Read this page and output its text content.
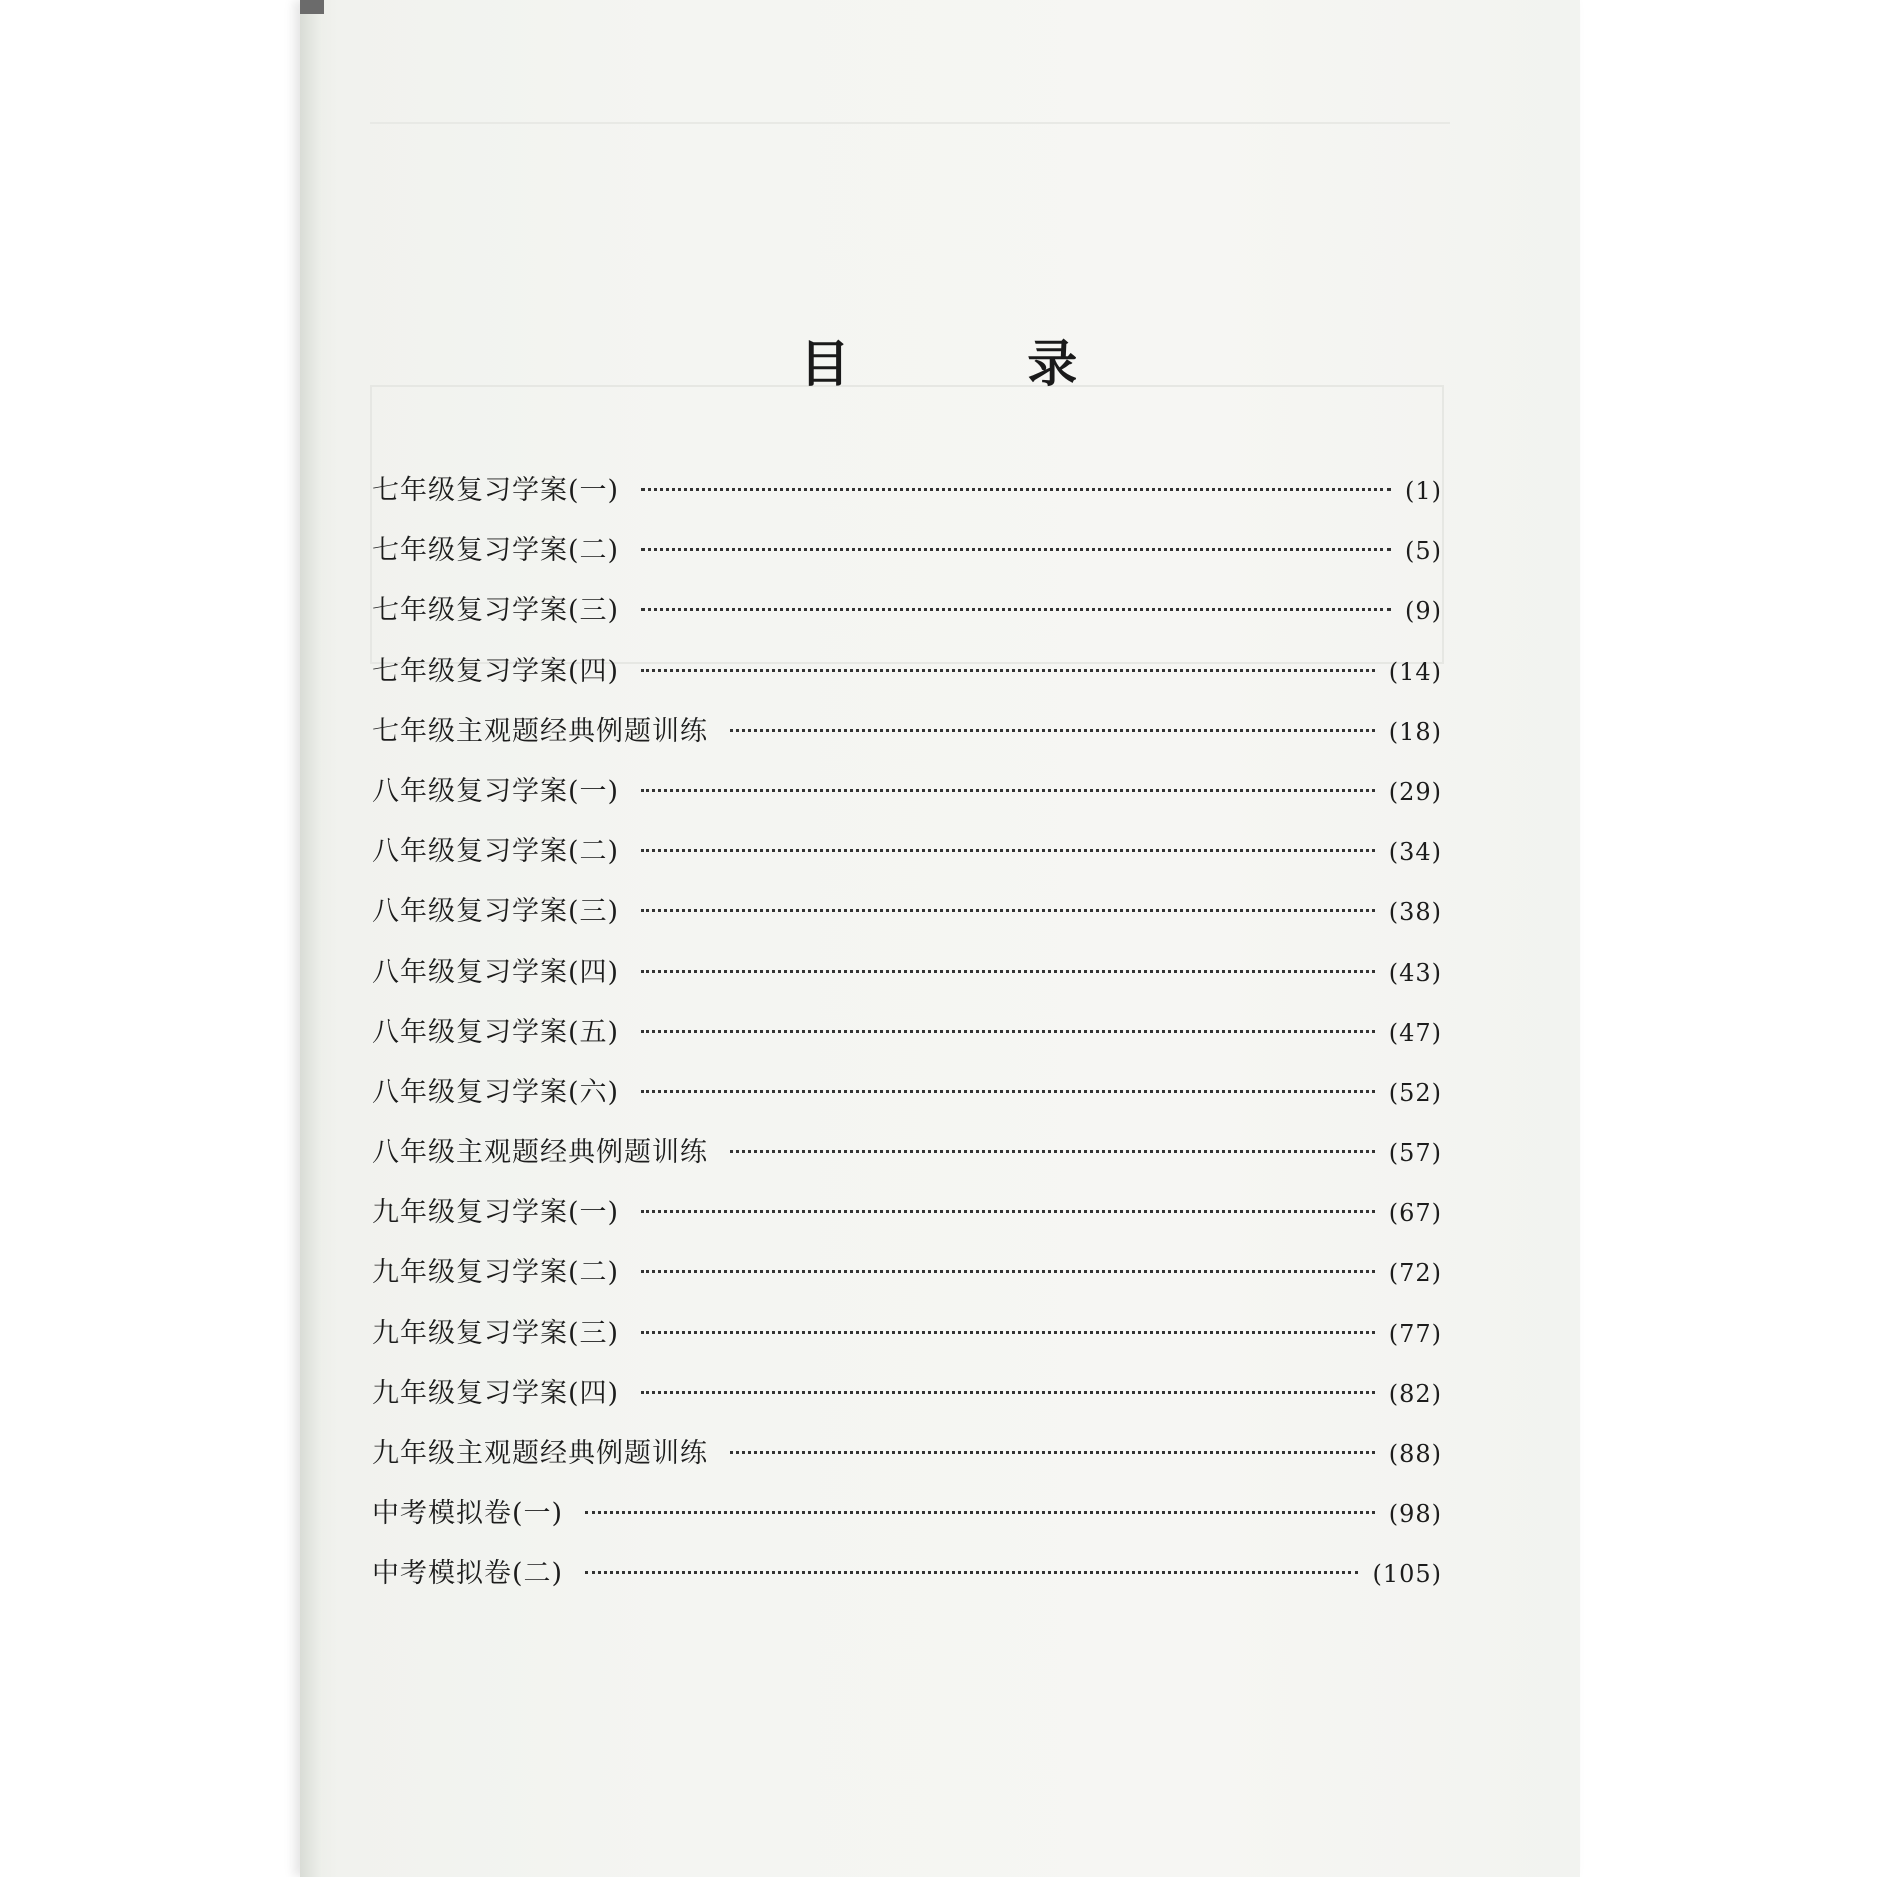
目 录
七年级复习学案(一)	(1)
七年级复习学案(二)	(5)
七年级复习学案(三)	(9)
七年级复习学案(四)	(14)
七年级主观题经典例题训练	(18)
八年级复习学案(一)	(29)
八年级复习学案(二)	(34)
八年级复习学案(三)	(38)
八年级复习学案(四)	(43)
八年级复习学案(五)	(47)
八年级复习学案(六)	(52)
八年级主观题经典例题训练	(57)
九年级复习学案(一)	(67)
九年级复习学案(二)	(72)
九年级复习学案(三)	(77)
九年级复习学案(四)	(82)
九年级主观题经典例题训练	(88)
中考模拟卷(一)	(98)
中考模拟卷(二)	(105)
